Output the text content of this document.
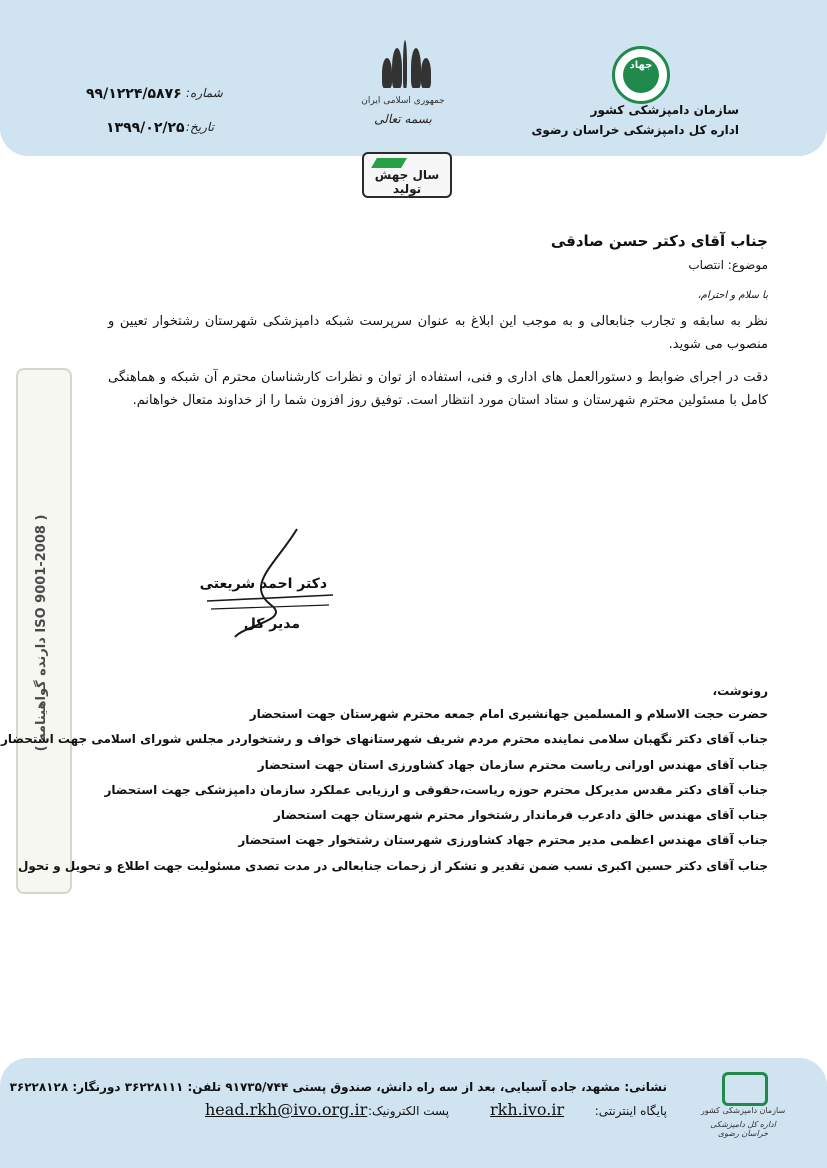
جهاد
سازمان دامپزشکی کشور
اداره کل دامپزشکی خراسان رضوی
جمهوری اسلامی ایران
بسمه تعالی
سال جهش تولید
شماره:
۹۹/۱۲۲۴/۵۸۷۶
تاریخ:
۱۳۹۹/۰۲/۲۵
جناب آقای دکتر حسن صادقی
موضوع: انتصاب
با سلام و احترام،
نظر به سابقه و تجارب جنابعالی و به موجب این ابلاغ به عنوان سرپرست شبکه دامپزشکی شهرستان رشتخوار تعیین و منصوب می شوید.
دقت در اجرای ضوابط و دستورالعمل های اداری و فنی، استفاده از توان و نظرات کارشناسان محترم آن شبکه و هماهنگی کامل با مسئولین محترم شهرستان و ستاد استان مورد انتظار است. توفیق روز افزون شما را از خداوند متعال خواهانم.
( ISO 9001-2008 دارنده گواهینامه )
دکتر احمد شریعتی
مدیر کل
رونوشت،
حضرت حجت الاسلام و المسلمین جهانشیری امام جمعه محترم شهرستان جهت استحضار
جناب آقای دکتر نگهبان سلامی نماینده محترم مردم شریف شهرستانهای خواف و رشتخواردر مجلس شورای اسلامی جهت استحضار
جناب آقای مهندس اورانی ریاست محترم سازمان جهاد کشاورزی استان جهت استحضار
جناب آقای دکتر مقدس مدیرکل محترم حوزه ریاست،حقوقی و ارزیابی عملکرد سازمان دامپزشکی جهت استحضار
جناب آقای مهندس خالق دادعرب فرماندار رشتخوار محترم شهرستان جهت استحضار
جناب آقای مهندس اعظمی مدیر محترم جهاد کشاورزی شهرستان رشتخوار جهت استحضار
جناب آقای دکتر حسین اکبری نسب ضمن تقدیر و تشکر از زحمات جنابعالی در مدت تصدی مسئولیت جهت اطلاع و تحویل و تحول
سازمان دامپزشکی کشور
اداره کل دامپزشکی خراسان رضوی
نشانی: مشهد، جاده آسیایی، بعد از سه راه دانش، صندوق پستی ۹۱۷۳۵/۷۴۴ تلفن: ۳۶۲۲۸۱۱۱ دورنگار: ۳۶۲۲۸۱۲۸
پایگاه اینترنتی:
rkh.ivo.ir
پست الکترونیک:
head.rkh@ivo.org.ir
